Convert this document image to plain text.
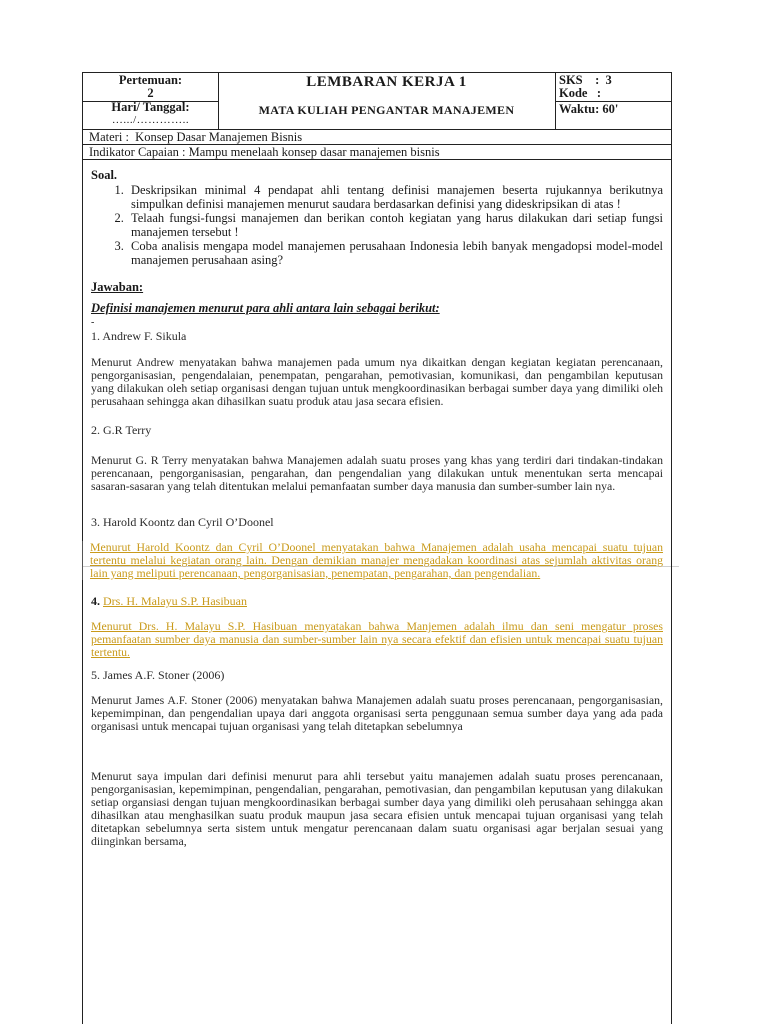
Pertemuan:
2
Hari/ Tanggal:
….../…………..
LEMBARAN KERJA 1
MATA KULIAH PENGANTAR MANAJEMEN
SKS    :  3
Kode   :
Waktu: 60'
Materi :  Konsep Dasar Manajemen Bisnis
Indikator Capaian : Mampu menelaah konsep dasar manajemen bisnis
Soal.
1. Deskripsikan minimal 4 pendapat ahli tentang definisi manajemen beserta rujukannya berikutnya simpulkan definisi manajemen menurut saudara berdasarkan definisi yang dideskripsikan di atas !
2. Telaah fungsi-fungsi manajemen dan berikan contoh kegiatan yang harus dilakukan dari setiap fungsi manajemen tersebut !
3. Coba analisis mengapa model manajemen perusahaan Indonesia lebih banyak mengadopsi model-model manajemen perusahaan asing?
Jawaban:
Definisi manajemen menurut para ahli antara lain sebagai berikut:
-
1. Andrew F. Sikula
Menurut Andrew menyatakan bahwa manajemen pada umum nya dikaitkan dengan kegiatan kegiatan perencanaan, pengorganisasian, pengendalaian, penempatan, pengarahan, pemotivasian, komunikasi, dan pengambilan keputusan yang dilakukan oleh setiap organisasi dengan tujuan untuk mengkoordinasikan berbagai sumber daya yang dimiliki oleh perusahaan sehingga akan dihasilkan suatu produk atau jasa secara efisien.
2. G.R Terry
Menurut G. R Terry menyatakan bahwa Manajemen adalah suatu proses yang khas yang terdiri dari tindakan-tindakan perencanaan, pengorganisasian, pengarahan, dan pengendalian yang dilakukan untuk menentukan serta mencapai sasaran-sasaran yang telah ditentukan melalui pemanfaatan sumber daya manusia dan sumber-sumber lain nya.
3. Harold Koontz dan Cyril O’Doonel
Menurut Harold Koontz dan Cyril O’Doonel menyatakan bahwa Manajemen adalah usaha mencapai suatu tujuan tertentu melalui kegiatan orang lain. Dengan demikian manajer mengadakan koordinasi atas sejumlah aktivitas orang lain yang meliputi perencanaan, pengorganisasian, penempatan, pengarahan, dan pengendalian.
4. Drs. H. Malayu S.P. Hasibuan
Menurut Drs. H. Malayu S.P. Hasibuan menyatakan bahwa Manjemen adalah ilmu dan seni mengatur proses pemanfaatan sumber daya manusia dan sumber-sumber lain nya secara efektif dan efisien untuk mencapai suatu tujuan tertentu.
5. James A.F. Stoner (2006)
Menurut James A.F. Stoner (2006) menyatakan bahwa Manajemen adalah suatu proses perencanaan, pengorganisasian, kepemimpinan, dan pengendalian upaya dari anggota organisasi serta penggunaan semua sumber daya yang ada pada organisasi untuk mencapai tujuan organisasi yang telah ditetapkan sebelumnya
Menurut saya impulan dari definisi menurut para ahli tersebut yaitu manajemen adalah suatu proses perencanaan, pengorganisasian, kepemimpinan, pengendalian, pengarahan, pemotivasian, dan pengambilan keputusan yang dilakukan setiap organsiasi dengan tujuan mengkoordinasikan berbagai sumber daya yang dimiliki oleh perusahaan sehingga akan dihasilkan atau menghasilkan suatu produk maupun jasa secara efisien untuk mencapai tujuan organisasi yang telah ditetapkan sebelumnya serta sistem untuk mengatur perencanaan dalam suatu organisasi agar berjalan sesuai yang diinginkan bersama,
